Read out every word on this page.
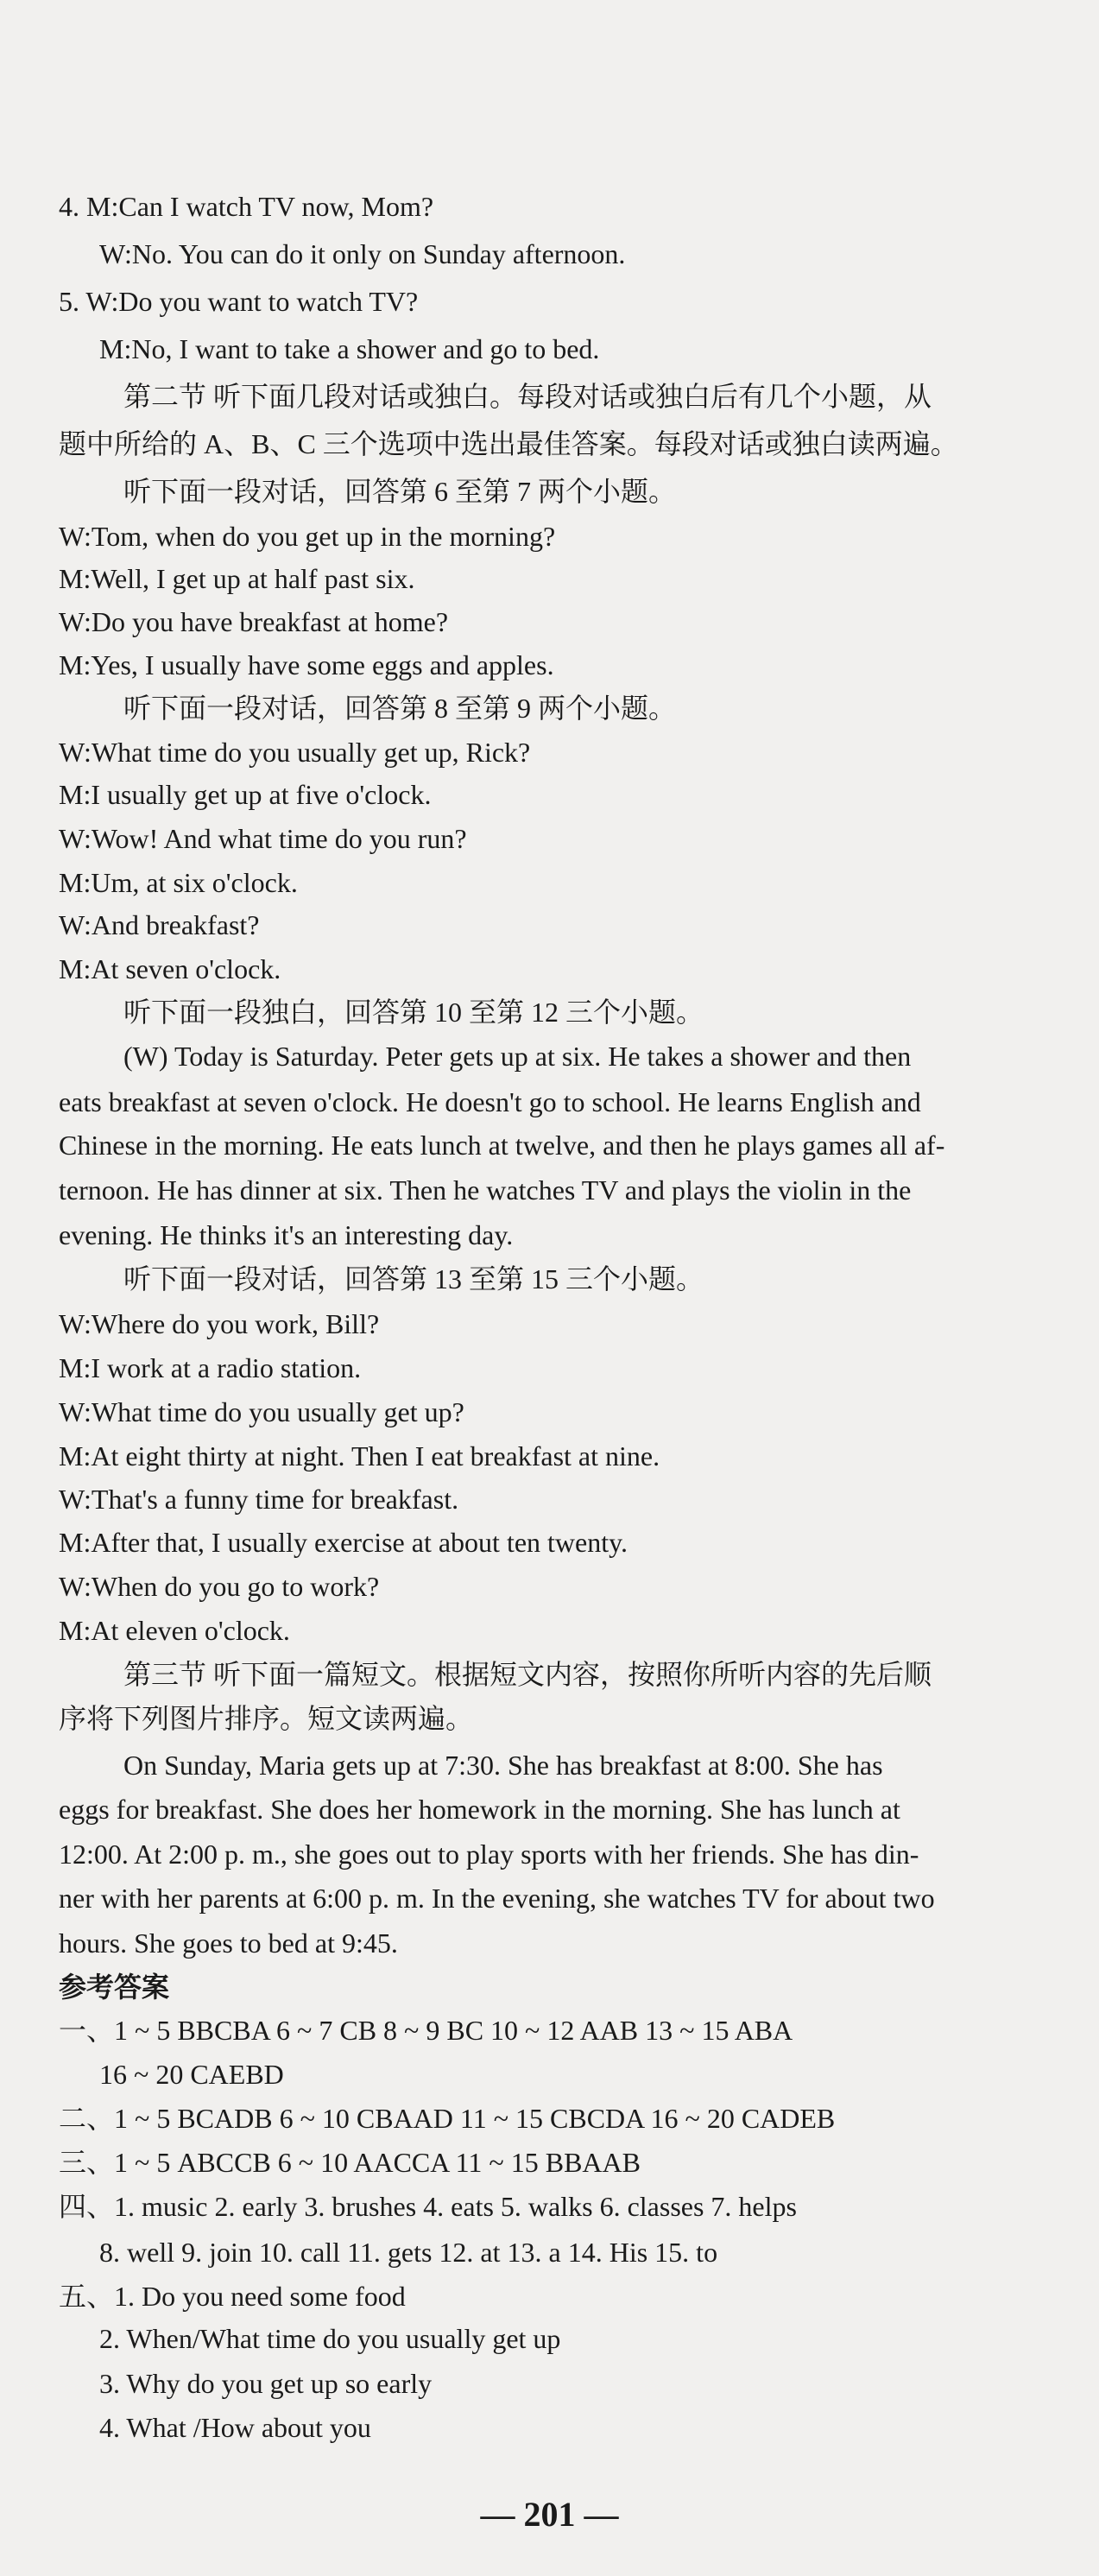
4. M:Can I watch TV now, Mom?
W:No. You can do it only on Sunday afternoon.
5. W:Do you want to watch TV?
M:No, I want to take a shower and go to bed.
第二节 听下面几段对话或独白。每段对话或独白后有几个小题，从
题中所给的 A、B、C 三个选项中选出最佳答案。每段对话或独白读两遍。
听下面一段对话，回答第 6 至第 7 两个小题。
W:Tom, when do you get up in the morning?
M:Well, I get up at half past six.
W:Do you have breakfast at home?
M:Yes, I usually have some eggs and apples.
听下面一段对话，回答第 8 至第 9 两个小题。
W:What time do you usually get up, Rick?
M:I usually get up at five o'clock.
W:Wow! And what time do you run?
M:Um, at six o'clock.
W:And breakfast?
M:At seven o'clock.
听下面一段独白，回答第 10 至第 12 三个小题。
(W) Today is Saturday. Peter gets up at six. He takes a shower and then
eats breakfast at seven o'clock. He doesn't go to school. He learns English and
Chinese in the morning. He eats lunch at twelve, and then he plays games all af-
ternoon. He has dinner at six. Then he watches TV and plays the violin in the
evening. He thinks it's an interesting day.
听下面一段对话，回答第 13 至第 15 三个小题。
W:Where do you work, Bill?
M:I work at a radio station.
W:What time do you usually get up?
M:At eight thirty at night. Then I eat breakfast at nine.
W:That's a funny time for breakfast.
M:After that, I usually exercise at about ten twenty.
W:When do you go to work?
M:At eleven o'clock.
第三节 听下面一篇短文。根据短文内容，按照你所听内容的先后顺
序将下列图片排序。短文读两遍。
On Sunday, Maria gets up at 7:30. She has breakfast at 8:00. She has
eggs for breakfast. She does her homework in the morning. She has lunch at
12:00. At 2:00 p. m., she goes out to play sports with her friends. She has din-
ner with her parents at 6:00 p. m. In the evening, she watches TV for about two
hours. She goes to bed at 9:45.
参考答案
一、1 ~ 5 BBCBA 6 ~ 7 CB 8 ~ 9 BC 10 ~ 12 AAB 13 ~ 15 ABA
16 ~ 20 CAEBD
二、1 ~ 5 BCADB 6 ~ 10 CBAAD 11 ~ 15 CBCDA 16 ~ 20 CADEB
三、1 ~ 5 ABCCB 6 ~ 10 AACCA 11 ~ 15 BBAAB
四、1. music 2. early 3. brushes 4. eats 5. walks 6. classes 7. helps
8. well 9. join 10. call 11. gets 12. at 13. a 14. His 15. to
五、1. Do you need some food
2. When/What time do you usually get up
3. Why do you get up so early
4. What /How about you
— 201 —
